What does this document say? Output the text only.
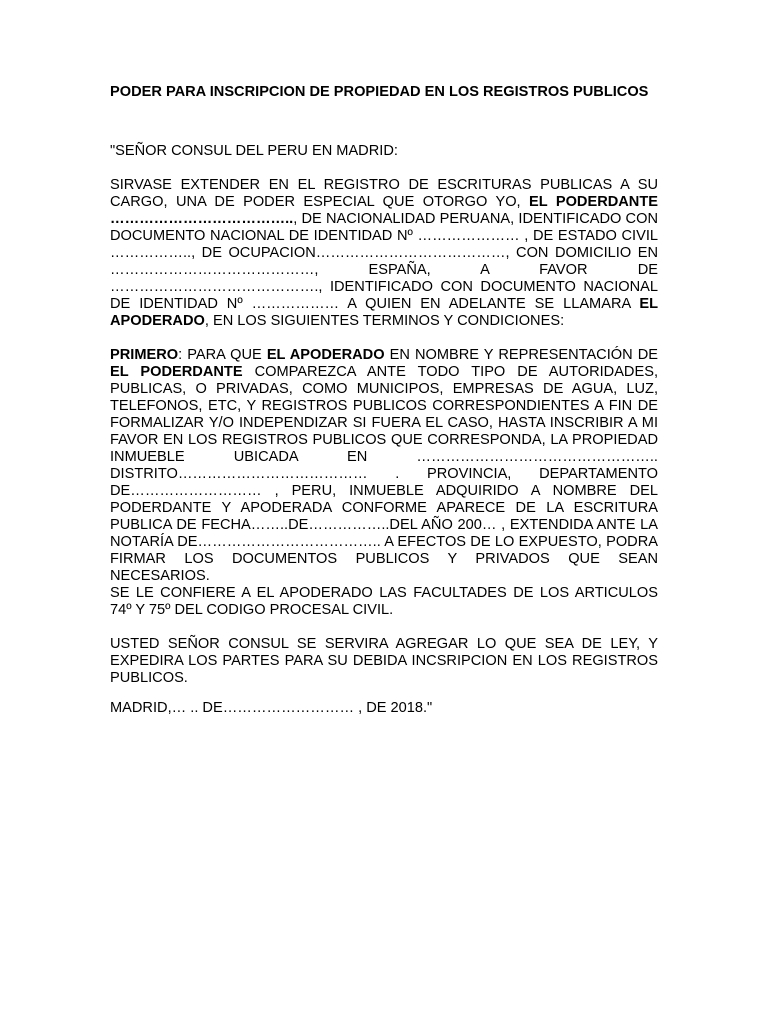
PODER PARA INSCRIPCION DE PROPIEDAD EN LOS REGISTROS PUBLICOS

"SEÑOR CONSUL DEL PERU EN MADRID:

SIRVASE EXTENDER EN EL REGISTRO DE ESCRITURAS PUBLICAS A SU CARGO, UNA DE PODER ESPECIAL QUE OTORGO YO, EL PODERDANTE ……………………………….., DE NACIONALIDAD PERUANA, IDENTIFICADO CON DOCUMENTO NACIONAL DE IDENTIDAD Nº ………………… , DE ESTADO CIVIL …………….., DE OCUPACION…………………………………, CON DOMICILIO EN ……………………………………, ESPAÑA, A FAVOR DE ……………………………………., IDENTIFICADO CON DOCUMENTO NACIONAL DE IDENTIDAD Nº ……………… A QUIEN EN ADELANTE SE LLAMARA EL APODERADO, EN LOS SIGUIENTES TERMINOS Y CONDICIONES:

PRIMERO: PARA QUE EL APODERADO EN NOMBRE Y REPRESENTACIÓN DE EL PODERDANTE COMPAREZCA ANTE TODO TIPO DE AUTORIDADES, PUBLICAS, O PRIVADAS, COMO MUNICIPOS, EMPRESAS DE AGUA, LUZ, TELEFONOS, ETC, Y REGISTROS PUBLICOS CORRESPONDIENTES A FIN DE FORMALIZAR Y/O INDEPENDIZAR SI FUERA EL CASO, HASTA INSCRIBIR A MI FAVOR EN LOS REGISTROS PUBLICOS QUE CORRESPONDA, LA PROPIEDAD INMUEBLE UBICADA EN ………………………………………….. DISTRITO………………………………… . PROVINCIA, DEPARTAMENTO DE……………………… , PERU, INMUEBLE ADQUIRIDO A NOMBRE DEL PODERDANTE Y APODERADA CONFORME APARECE DE LA ESCRITURA PUBLICA DE FECHA……..DE……………..DEL AÑO 200… , EXTENDIDA ANTE LA NOTARÍA DE……………………………….. A EFECTOS DE LO EXPUESTO, PODRA FIRMAR LOS DOCUMENTOS PUBLICOS Y PRIVADOS QUE SEAN NECESARIOS.

SE LE CONFIERE A EL APODERADO LAS FACULTADES DE LOS ARTICULOS 74º Y 75º DEL CODIGO PROCESAL CIVIL.

USTED SEÑOR CONSUL SE SERVIRA AGREGAR LO QUE SEA DE LEY, Y EXPEDIRA LOS PARTES PARA SU DEBIDA INCSRIPCION EN LOS REGISTROS PUBLICOS.

MADRID,… .. DE……………………… , DE 2018."
